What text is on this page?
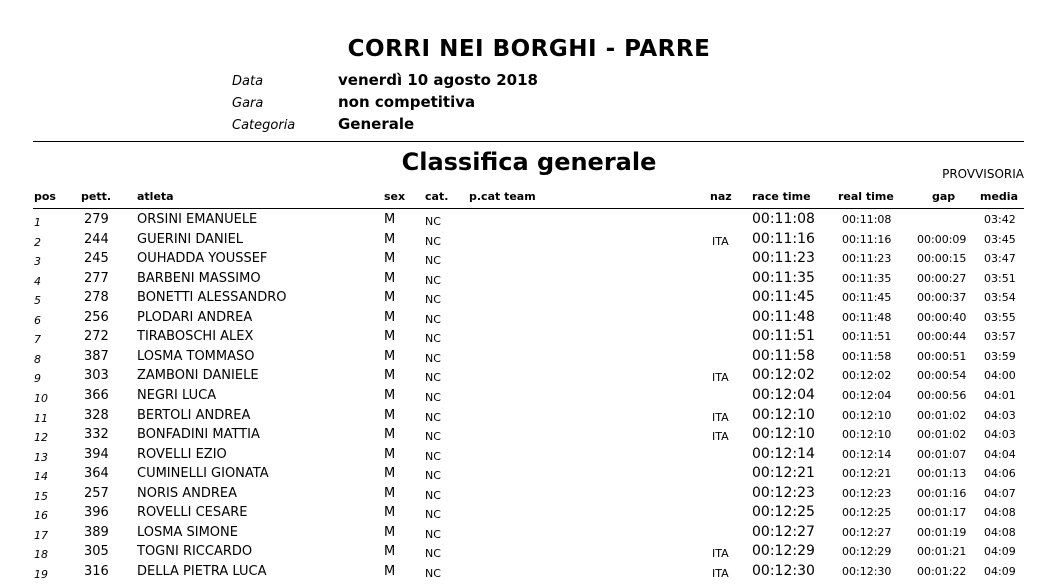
CORRI NEI BORGHI - PARRE
Data	venerdì 10 agosto 2018
Gara	non competitiva
Categoria	Generale
Classifica generale	PROVVISORIA
pos pett. atleta	sex cat. p.cat team	naz race time real time	gap media
1	279 ORSINI EMANUELE	M	NC	00:11:08 00:11:08	03:42
2	244 GUERINI DANIEL	M	NC	ITA 00:11:16 00:11:16 00:00:09 03:45
3	245 OUHADDA YOUSSEF	M	NC	00:11:23 00:11:23 00:00:15 03:47
4	277 BARBENI MASSIMO	M	NC	00:11:35 00:11:35 00:00:27 03:51
5	278 BONETTI ALESSANDRO	M	NC	00:11:45 00:11:45 00:00:37 03:54
6	256 PLODARI ANDREA	M	NC	00:11:48 00:11:48 00:00:40 03:55
7	272 TIRABOSCHI ALEX	M	NC	00:11:51 00:11:51 00:00:44 03:57
8	387 LOSMA TOMMASO	M	NC	00:11:58 00:11:58 00:00:51 03:59
9	303 ZAMBONI DANIELE	M	NC	ITA 00:12:02 00:12:02 00:00:54 04:00
10	366 NEGRI LUCA	M	NC	00:12:04 00:12:04 00:00:56 04:01
11	328 BERTOLI ANDREA	M	NC	ITA 00:12:10 00:12:10 00:01:02 04:03
12	332 BONFADINI MATTIA	M	NC	ITA 00:12:10 00:12:10 00:01:02 04:03
13	394 ROVELLI EZIO	M	NC	00:12:14 00:12:14 00:01:07 04:04
14	364 CUMINELLI GIONATA	M	NC	00:12:21 00:12:21 00:01:13 04:06
15	257 NORIS ANDREA	M	NC	00:12:23 00:12:23 00:01:16 04:07
16	396 ROVELLI CESARE	M	NC	00:12:25 00:12:25 00:01:17 04:08
17	389 LOSMA SIMONE	M	NC	00:12:27 00:12:27 00:01:19 04:08
18	305 TOGNI RICCARDO	M	NC	ITA 00:12:29 00:12:29 00:01:21 04:09
19	316 DELLA PIETRA LUCA	M	NC	ITA 00:12:30 00:12:30 00:01:22 04:09
